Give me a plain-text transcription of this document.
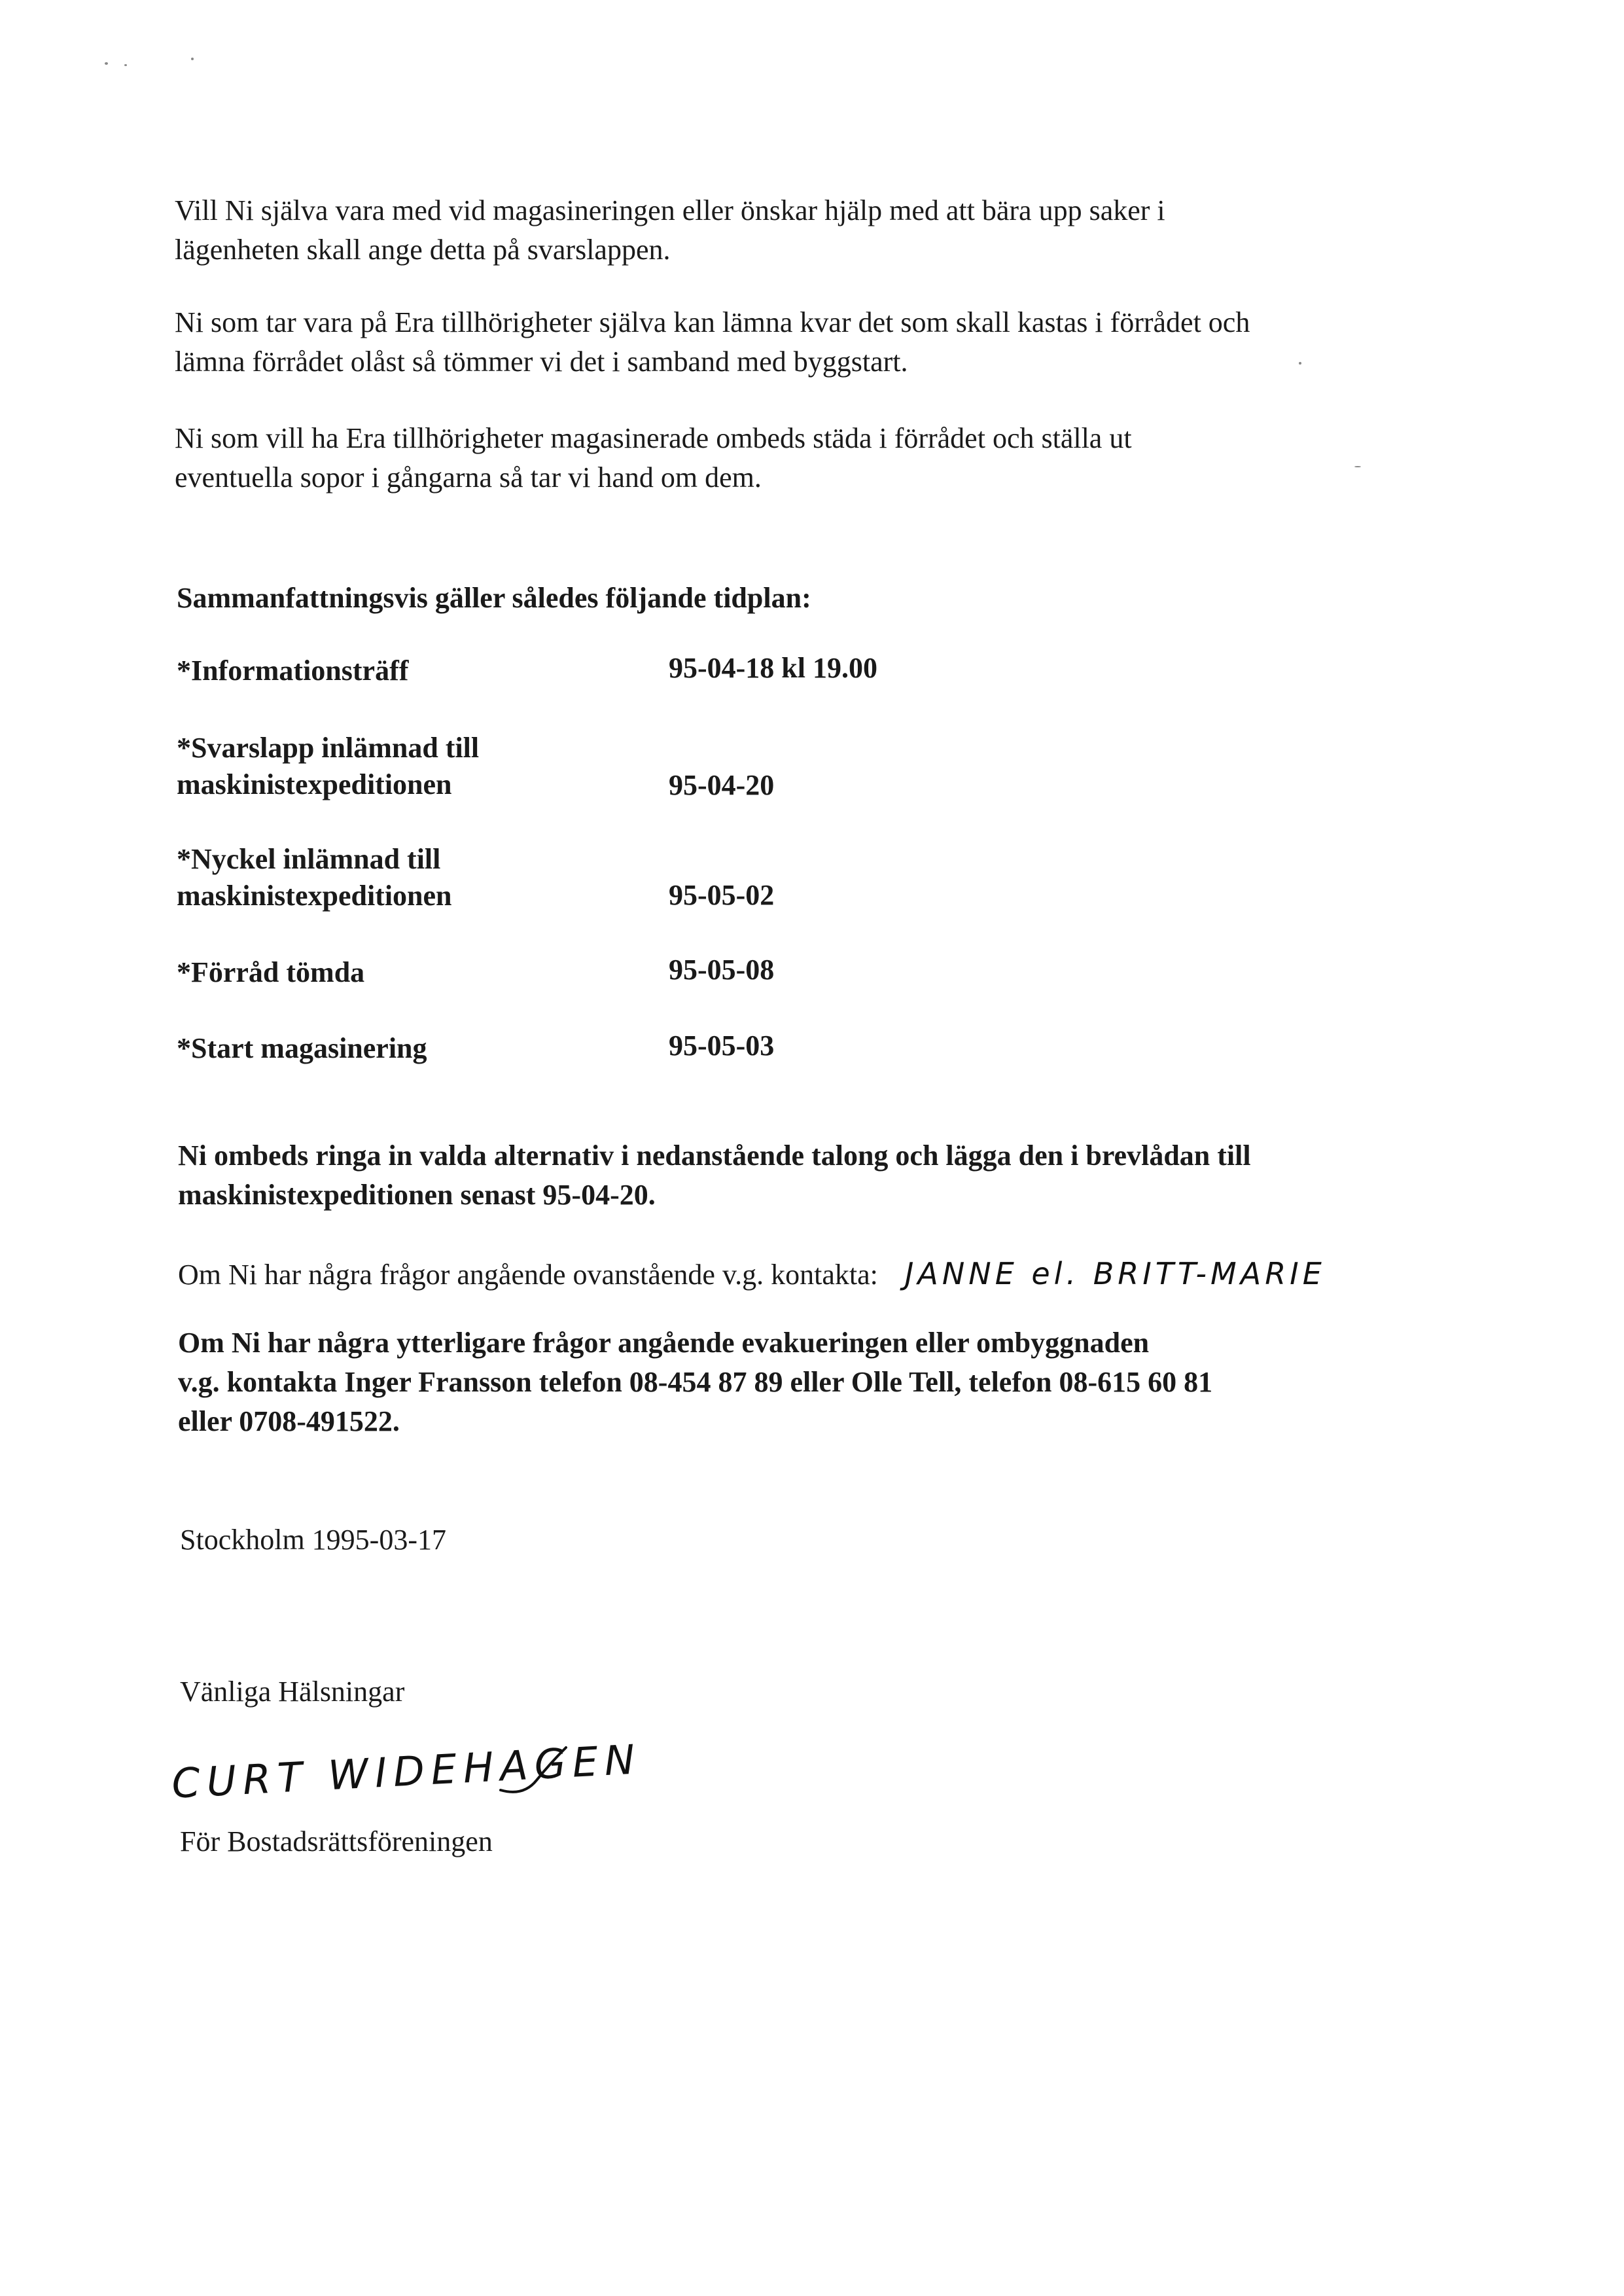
Vill Ni själva vara med vid magasineringen eller önskar hjälp med att bära upp saker i
lägenheten skall ange detta på svarslappen.

Ni som tar vara på Era tillhörigheter själva kan lämna kvar det som skall kastas i förrådet och
lämna förrådet olåst så tömmer vi det i samband med byggstart.

Ni som vill ha Era tillhörigheter magasinerade ombeds städa i förrådet och ställa ut
eventuella sopor i gångarna så tar vi hand om dem.

Sammanfattningsvis gäller således följande tidplan:

*Informationsträff	95-04-18 kl 19.00

*Svarslapp inlämnad till
maskinistexpeditionen	95-04-20

*Nyckel inlämnad till
maskinistexpeditionen	95-05-02

*Förråd tömda	95-05-08

*Start magasinering	95-05-03

Ni ombeds ringa in valda alternativ i nedanstående talong och lägga den i brevlådan till
maskinistexpeditionen senast 95-04-20.

Om Ni har några frågor angående ovanstående v.g. kontakta: JANNE el. BRITT-MARIE

Om Ni har några ytterligare frågor angående evakueringen eller ombyggnaden
v.g. kontakta Inger Fransson telefon 08-454 87 89 eller Olle Tell, telefon 08-615 60 81
eller 0708-491522.

Stockholm 1995-03-17

Vänliga Hälsningar

CURT WIDEHAGEN

För Bostadsrättsföreningen
